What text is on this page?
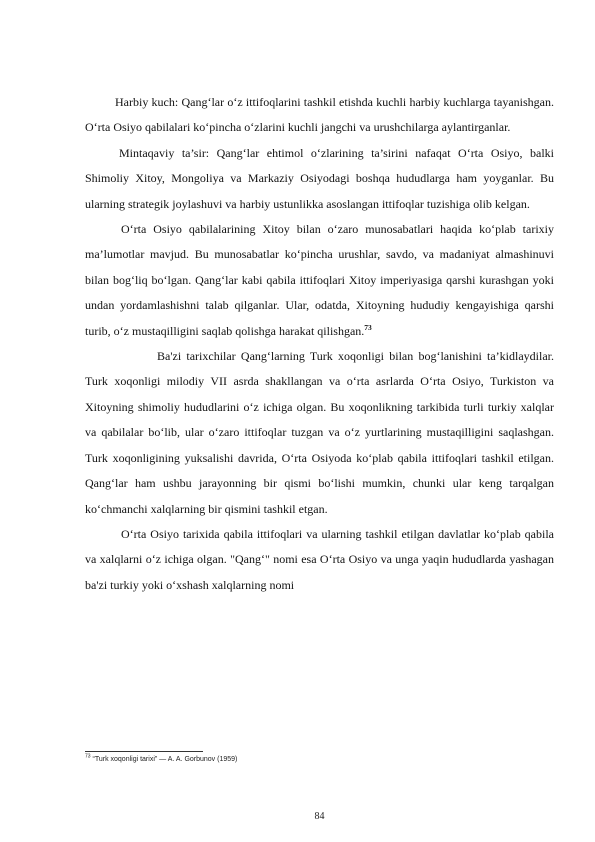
Harbiy kuch: Qang‘lar o‘z ittifoqlarini tashkil etishda kuchli harbiy kuchlarga tayanishgan. O‘rta Osiyo qabilalari ko‘pincha o‘zlarini kuchli jangchi va urushchilarga aylantirganlar.

Mintaqaviy ta’sir: Qang‘lar ehtimol o‘zlarining ta’sirini nafaqat O‘rta Osiyo, balki Shimoliy Xitoy, Mongoliya va Markaziy Osiyodagi boshqa hududlarga ham yoyganlar. Bu ularning strategik joylashuvi va harbiy ustunlikka asoslangan ittifoqlar tuzishiga olib kelgan.

O‘rta Osiyo qabilalarining Xitoy bilan o‘zaro munosabatlari haqida ko‘plab tarixiy ma’lumotlar mavjud. Bu munosabatlar ko‘pincha urushlar, savdo, va madaniyat almashinuvi bilan bog‘liq bo‘lgan. Qang‘lar kabi qabila ittifoqlari Xitoy imperiyasiga qarshi kurashgan yoki undan yordamlashishni talab qilganlar. Ular, odatda, Xitoyning hududiy kengayishiga qarshi turib, o‘z mustaqilligini saqlab qolishga harakat qilishgan.$^{73}$

Ba'zi tarixchilar Qang‘larning Turk xoqonligi bilan bog‘lanishini ta’kidlaydilar. Turk xoqonligi milodiy VII asrda shakllangan va o‘rta asrlarda O‘rta Osiyo, Turkiston va Xitoyning shimoliy hududlarini o‘z ichiga olgan. Bu xoqonlikning tarkibida turli turkiy xalqlar va qabilalar bo‘lib, ular o‘zaro ittifoqlar tuzgan va o‘z yurtlarining mustaqilligini saqlashgan. Turk xoqonligining yuksalishi davrida, O‘rta Osiyoda ko‘plab qabila ittifoqlari tashkil etilgan. Qang‘lar ham ushbu jarayonning bir qismi bo‘lishi mumkin, chunki ular keng tarqalgan ko‘chmanchi xalqlarning bir qismini tashkil etgan.

O‘rta Osiyo tarixida qabila ittifoqlari va ularning tashkil etilgan davlatlar ko‘plab qabila va xalqlarni o‘z ichiga olgan. "Qang‘" nomi esa O‘rta Osiyo va unga yaqin hududlarda yashagan ba'zi turkiy yoki o‘xshash xalqlarning nomi

$^{73}$ “Turk xoqonligi tarixi” — A. A. Gorbunov (1959)
84
